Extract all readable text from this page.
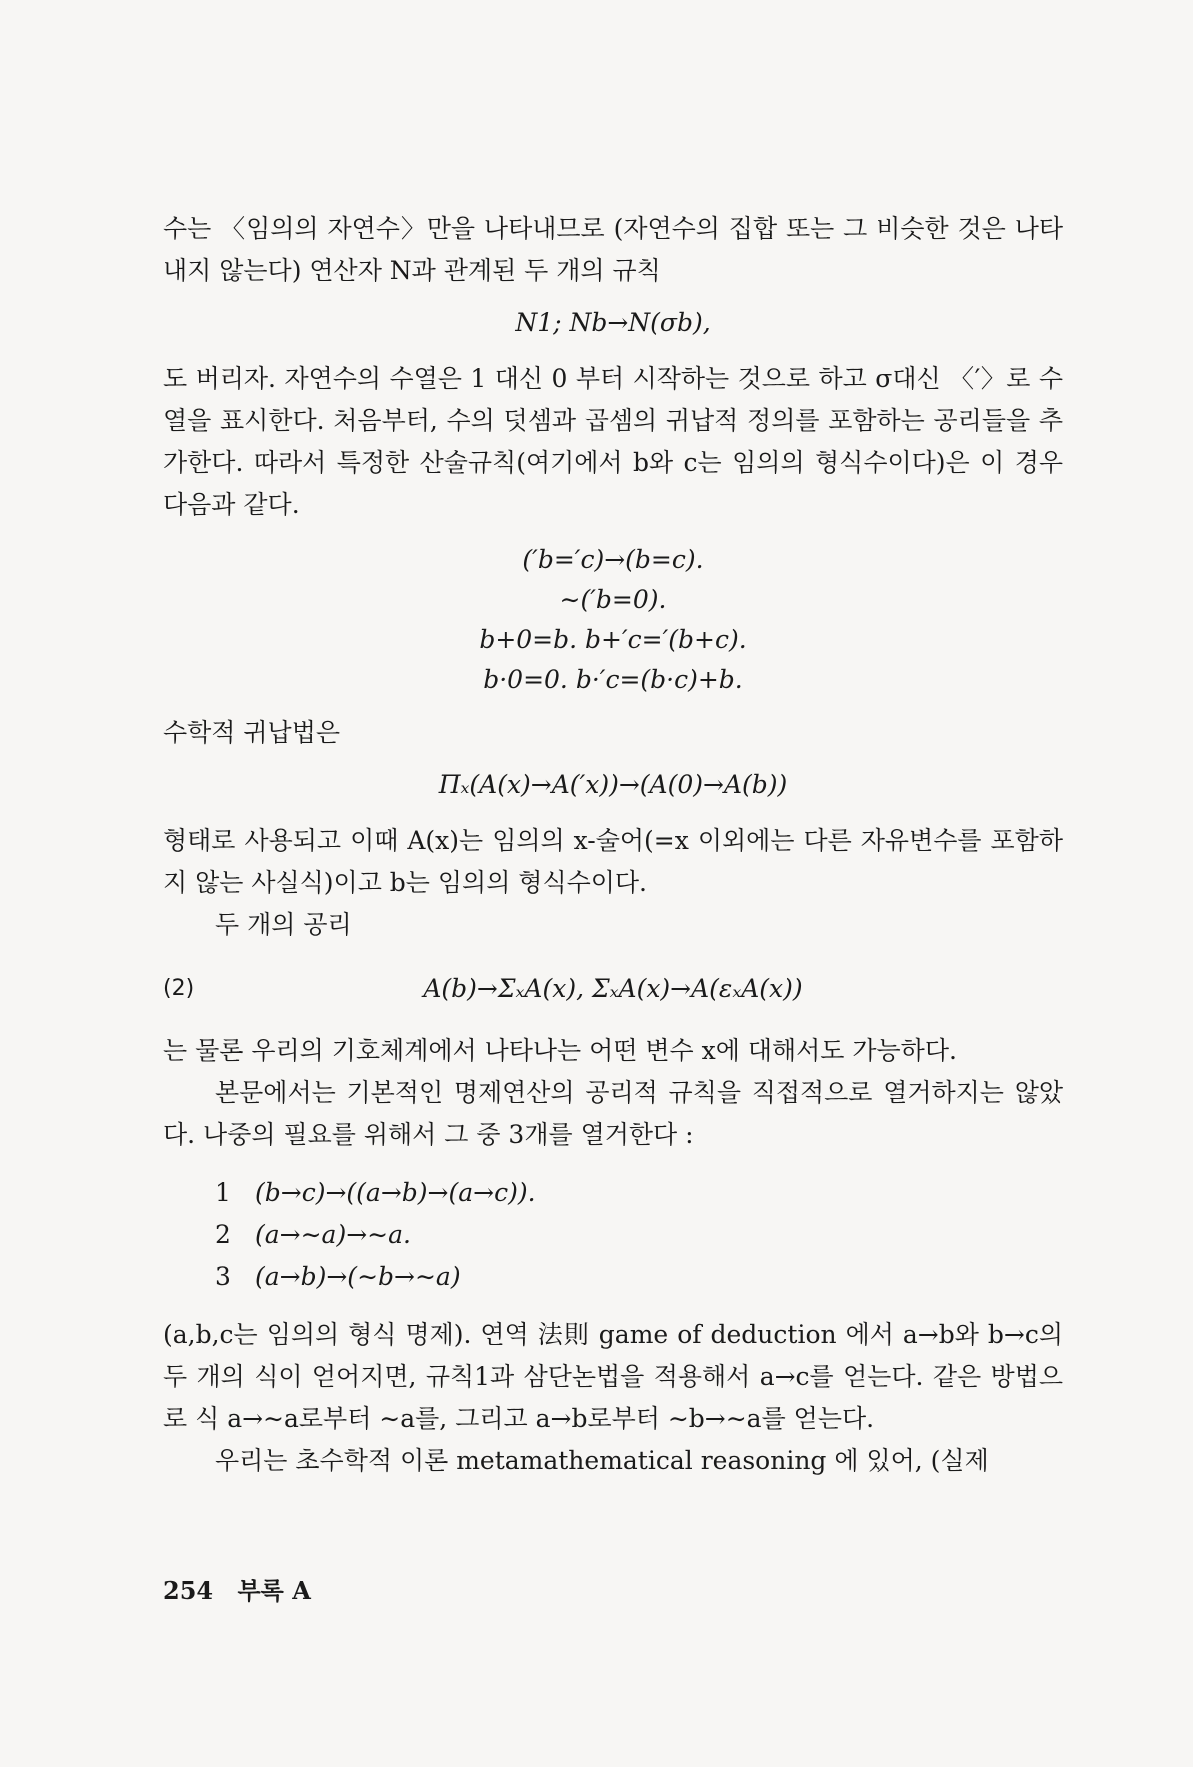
수는 〈임의의 자연수〉만을 나타내므로 (자연수의 집합 또는 그 비슷한 것은 나타내지 않는다) 연산자 N과 관계된 두 개의 규칙

N1; Nb→N(σb),

도 버리자. 자연수의 수열은 1 대신 0 부터 시작하는 것으로 하고 σ대신 〈′〉로 수열을 표시한다. 처음부터, 수의 덧셈과 곱셈의 귀납적 정의를 포함하는 공리들을 추가한다. 따라서 특정한 산술규칙(여기에서 b와 c는 임의의 형식수이다)은 이 경우 다음과 같다.

(′b=′c)→(b=c).

∼(′b=0).

b+0=b. b+′c=′(b+c).

b·0=0. b·′c=(b·c)+b.

수학적 귀납법은

Πₓ(A(x)→A(′x))→(A(0)→A(b))

형태로 사용되고 이때 A(x)는 임의의 x-술어(=x 이외에는 다른 자유변수를 포함하지 않는 사실식)이고 b는 임의의 형식수이다.

두 개의 공리

(2)	A(b)→ΣₓA(x), ΣₓA(x)→A(εₓA(x))

는 물론 우리의 기호체계에서 나타나는 어떤 변수 x에 대해서도 가능하다.

본문에서는 기본적인 명제연산의 공리적 규칙을 직접적으로 열거하지는 않았다. 나중의 필요를 위해서 그 중 3개를 열거한다 :

1 (b→c)→((a→b)→(a→c)).
2 (a→∼a)→∼a.
3 (a→b)→(∼b→∼a)

(a,b,c는 임의의 형식 명제). 연역 法則 game of deduction 에서 a→b와 b→c의 두 개의 식이 얻어지면, 규칙1과 삼단논법을 적용해서 a→c를 얻는다. 같은 방법으로 식 a→∼a로부터 ∼a를, 그리고 a→b로부터 ∼b→∼a를 얻는다.

우리는 초수학적 이론 metamathematical reasoning 에 있어, (실제

254 부록 A
